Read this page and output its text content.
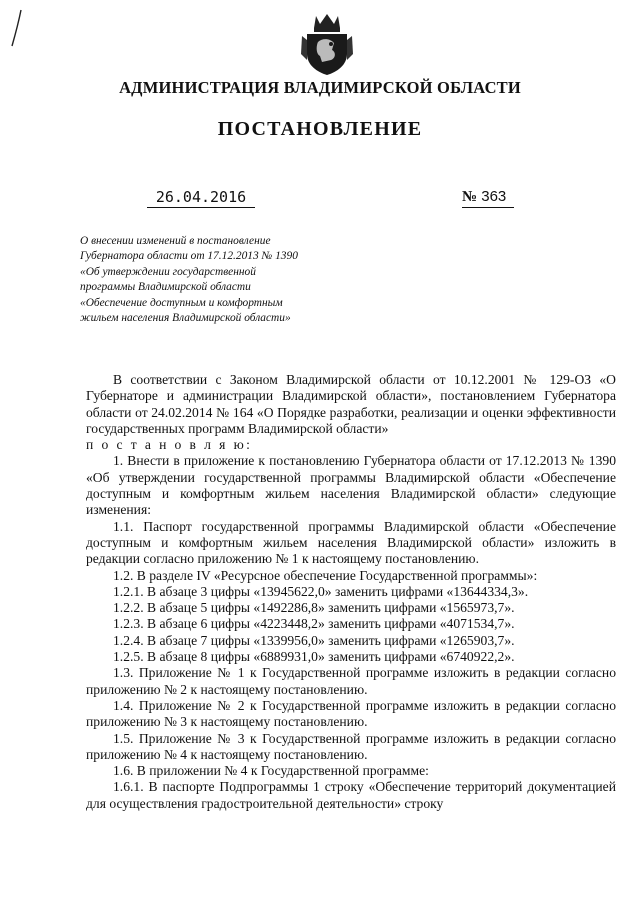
АДМИНИСТРАЦИЯ ВЛАДИМИРСКОЙ ОБЛАСТИ
ПОСТАНОВЛЕНИЕ
26.04.2016	№ 363
О внесении изменений в постановление
Губернатора области от 17.12.2013 № 1390
«Об утверждении государственной
программы Владимирской области
«Обеспечение доступным и комфортным
жильем населения Владимирской области»

В соответствии с Законом Владимирской области от 10.12.2001 № 129-ОЗ «О Губернаторе и администрации Владимирской области», постановлением Губернатора области от 24.02.2014 № 164 «О Порядке разработки, реализации и оценки эффективности государственных программ Владимирской области»

п о с т а н о в л я ю:

1. Внести в приложение к постановлению Губернатора области от 17.12.2013 № 1390 «Об утверждении государственной программы Владимирской области «Обеспечение доступным и комфортным жильем населения Владимирской области» следующие изменения:

1.1. Паспорт государственной программы Владимирской области «Обеспечение доступным и комфортным жильем населения Владимирской области» изложить в редакции согласно приложению № 1 к настоящему постановлению.

1.2. В разделе IV «Ресурсное обеспечение Государственной программы»:

1.2.1. В абзаце 3 цифры «13945622,0» заменить цифрами «13644334,3».

1.2.2. В абзаце 5 цифры «1492286,8» заменить цифрами «1565973,7».

1.2.3. В абзаце 6 цифры «4223448,2» заменить цифрами «4071534,7».

1.2.4. В абзаце 7 цифры «1339956,0» заменить цифрами «1265903,7».

1.2.5. В абзаце 8 цифры «6889931,0» заменить цифрами «6740922,2».

1.3. Приложение № 1 к Государственной программе изложить в редакции согласно приложению № 2 к настоящему постановлению.

1.4. Приложение № 2 к Государственной программе изложить в редакции согласно приложению № 3 к настоящему постановлению.

1.5. Приложение № 3 к Государственной программе изложить в редакции согласно приложению № 4 к настоящему постановлению.

1.6. В приложении № 4 к Государственной программе:

1.6.1. В паспорте Подпрограммы 1 строку «Обеспечение территорий документацией для осуществления градостроительной деятельности» строку
